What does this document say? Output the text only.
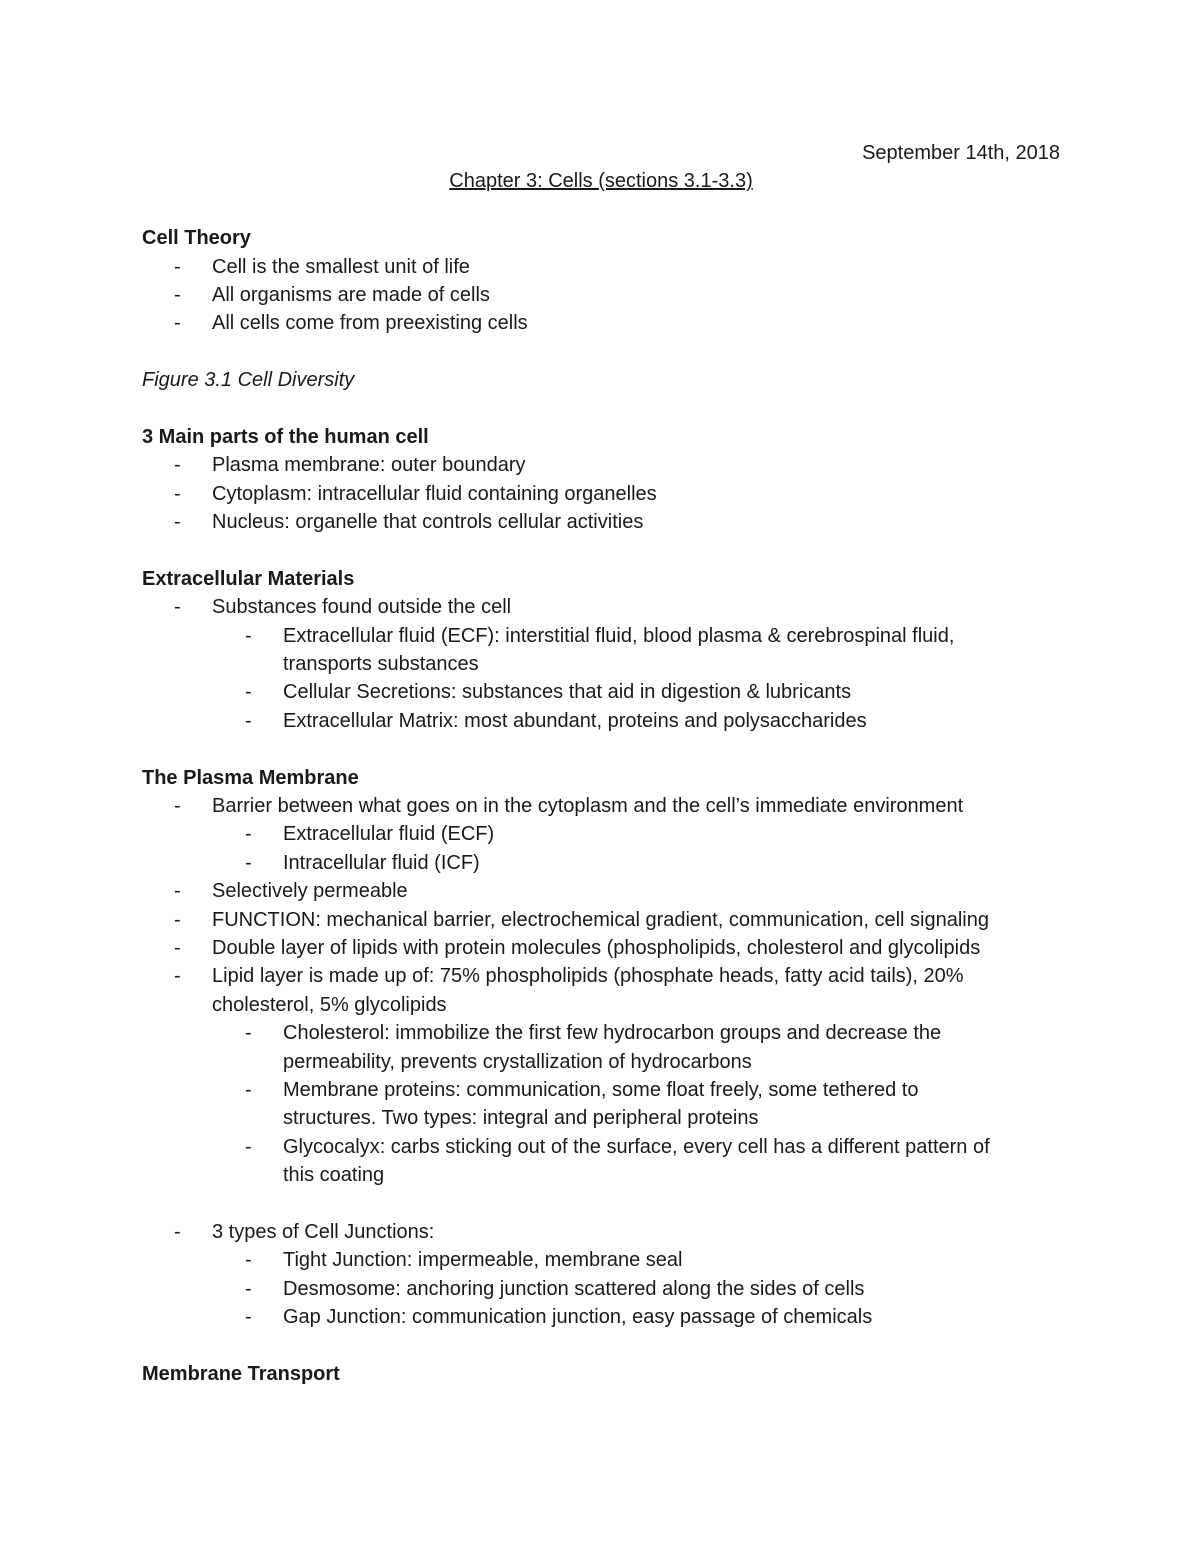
September 14th, 2018
Chapter 3: Cells (sections 3.1-3.3)
Cell Theory
- Cell is the smallest unit of life
- All organisms are made of cells
- All cells come from preexisting cells
Figure 3.1 Cell Diversity
3 Main parts of the human cell
- Plasma membrane: outer boundary
- Cytoplasm: intracellular fluid containing organelles
- Nucleus: organelle that controls cellular activities
Extracellular Materials
- Substances found outside the cell
- Extracellular fluid (ECF): interstitial fluid, blood plasma & cerebrospinal fluid,
transports substances
- Cellular Secretions: substances that aid in digestion & lubricants
- Extracellular Matrix: most abundant, proteins and polysaccharides
The Plasma Membrane
- Barrier between what goes on in the cytoplasm and the cell’s immediate environment
- Extracellular fluid (ECF)
- Intracellular fluid (ICF)
- Selectively permeable
- FUNCTION: mechanical barrier, electrochemical gradient, communication, cell signaling
- Double layer of lipids with protein molecules (phospholipids, cholesterol and glycolipids
- Lipid layer is made up of: 75% phospholipids (phosphate heads, fatty acid tails), 20%
cholesterol, 5% glycolipids
- Cholesterol: immobilize the first few hydrocarbon groups and decrease the
permeability, prevents crystallization of hydrocarbons
- Membrane proteins: communication, some float freely, some tethered to
structures. Two types: integral and peripheral proteins
- Glycocalyx: carbs sticking out of the surface, every cell has a different pattern of
this coating
- 3 types of Cell Junctions:
- Tight Junction: impermeable, membrane seal
- Desmosome: anchoring junction scattered along the sides of cells
- Gap Junction: communication junction, easy passage of chemicals
Membrane Transport
